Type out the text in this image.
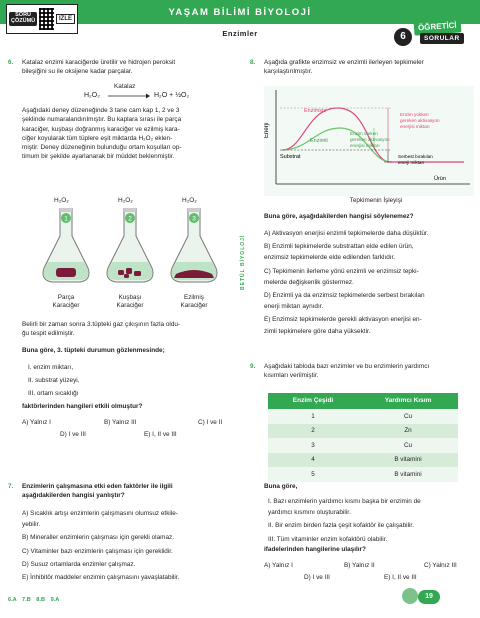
YAŞAM BİLİMİ BİYOLOJİ
SORU
ÇÖZÜMÜ	İZLE
Enzimler	6
ÖĞRETİCİ
SORULAR
BETÜL BİYOLOJİ
6. Katalaz enzimi karaciğerde üretilir ve hidrojen peroksit
bileşiğini su ile oksijene kadar parçalar.
Katalaz
H₂O₂	H₂O + ½O₂
Aşağıdaki deney düzeneğinde 3 tane cam kap 1, 2 ve 3
şeklinde numaralandırılmıştır. Bu kaplara sırası ile parça
karaciğer, kuşbaşı doğranmış karaciğer ve ezilmiş kara-
ciğer koyularak tüm tüplere eşit miktarda H₂O₂ eklen-
miştir. Deney düzeneğinin bulunduğu ortam koşulları op-
timum bir şekilde ayarlanarak bir müddet beklenmiştir.
H₂O₂
1
Parça
Karaciğer
H₂O₂
2
Kuşbaşı
Karaciğer
H₂O₂
3
Ezilmiş
Karaciğer
Belirli bir zaman sonra 3.tüpteki gaz çıkışının fazla oldu-
ğu tespit edilmiştir.
Buna göre, 3. tüpteki durumun gözlenmesinde;
I. enzim miktarı,
II. substrat yüzeyi,
III. ortam sıcaklığı
faktörlerinden hangileri etkili olmuştur?
A) Yalnız I	B) Yalnız III	C) I ve II
D) I ve III	E) I, II ve III
7. Enzimlerin çalışmasına etki eden faktörler ile ilgili
aşağıdakilerden hangisi yanlıştır?
A) Sıcaklık artışı enzimlerin çalışmasını olumsuz etkile-
yebilir.
B) Mineraller enzimlerin çalışması için gerekli olamaz.
C) Vitaminler bazı enzimlerin çalışması için gereklidir.
D) Susuz ortamlarda enzimler çalışmaz.
E) İnhibitör maddeler enzimin çalışmasını yavaşlatabilir.
8. Aşağıda grafikte enzimsiz ve enzimli ilerleyen tepkimeler
karşılaştırılmıştır.
Enerji
Enzimsiz
Enzimli
Substrat
Ürün
Enzim yokken
gereken aktivasyon
enerjisi miktarı
Enzim varken
gereken aktivasyon
enerjisi miktarı
Serbest bırakılan
enerji miktarı
Tepkimenin İşleyişi
Buna göre, aşağıdakilerden hangisi söylenemez?
A) Aktivasyon enerjisi enzimli tepkimelerde daha düşüktür.
B) Enzimli tepkimelerde substrattan elde edilen ürün,
enzimsiz tepkimelerde elde edilenden farklıdır.
C) Tepkimenin ilerleme yönü enzimli ve enzimsiz tepki-
melerde değişkenlik göstermez.
D) Enzimli ya da enzimsiz tepkimelerde serbest bırakılan
enerji miktarı aynıdır.
E) Enzimsiz tepkimelerde gerekli aktivasyon enerjisi en-
zimli tepkimelere göre daha yüksektir.
9. Aşağıdaki tabloda bazı enzimler ve bu enzimlerin yardımcı
kısımları verilmiştir.
Enzim Çeşidi	Yardımcı Kısım
1	Cu
2	Zn
3	Cu
4	B vitamini
5	B vitamini
Buna göre,
I. Bazı enzimlerin yardımcı kısmı başka bir enzimin de
yardımcı kısmını oluşturabilir.
II. Bir enzim birden fazla çeşit kofaktör ile çalışabilir.
III. Tüm vitaminler enzim kofaktörü olabilir.
ifadelerinden hangilerine ulaşılır?
A) Yalnız I	B) Yalnız II	C) Yalnız III
D) I ve III	E) I, II ve III
6.A 7.B 8.B 9.A	19
